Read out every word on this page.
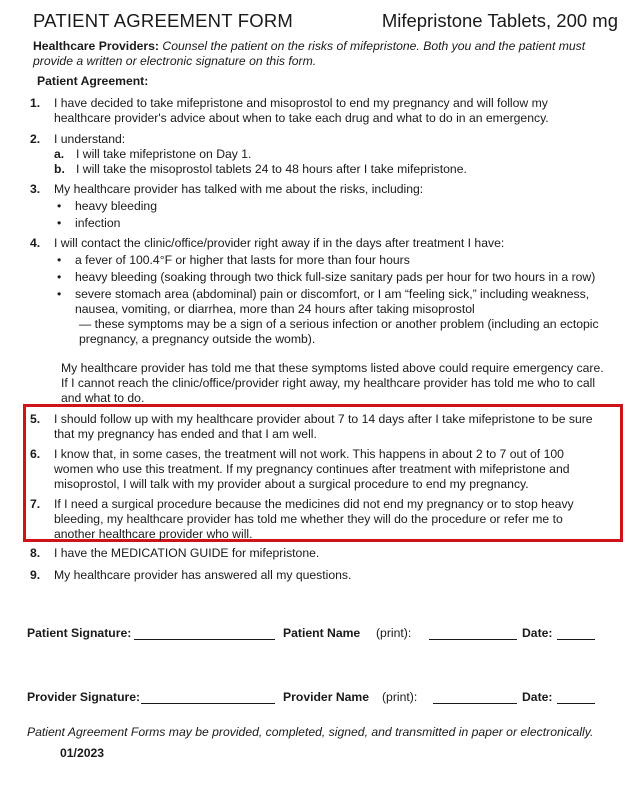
PATIENT AGREEMENT FORM	Mifepristone Tablets, 200 mg
Healthcare Providers: Counsel the patient on the risks of mifepristone. Both you and the patient must provide a written or electronic signature on this form.
Patient Agreement:
1.	I have decided to take mifepristone and misoprostol to end my pregnancy and will follow my healthcare provider's advice about when to take each drug and what to do in an emergency.
2.	I understand:
a. I will take mifepristone on Day 1.
b. I will take the misoprostol tablets 24 to 48 hours after I take mifepristone.
3.	My healthcare provider has talked with me about the risks, including:
• heavy bleeding
• infection
4.	I will contact the clinic/office/provider right away if in the days after treatment I have:
• a fever of 100.4°F or higher that lasts for more than four hours
• heavy bleeding (soaking through two thick full-size sanitary pads per hour for two hours in a row)
• severe stomach area (abdominal) pain or discomfort, or I am “feeling sick,” including weakness, nausea, vomiting, or diarrhea, more than 24 hours after taking misoprostol
— these symptoms may be a sign of a serious infection or another problem (including an ectopic pregnancy, a pregnancy outside the womb).
My healthcare provider has told me that these symptoms listed above could require emergency care. If I cannot reach the clinic/office/provider right away, my healthcare provider has told me who to call and what to do.
5.	I should follow up with my healthcare provider about 7 to 14 days after I take mifepristone to be sure that my pregnancy has ended and that I am well.
6.	I know that, in some cases, the treatment will not work. This happens in about 2 to 7 out of 100 women who use this treatment. If my pregnancy continues after treatment with mifepristone and misoprostol, I will talk with my provider about a surgical procedure to end my pregnancy.
7.	If I need a surgical procedure because the medicines did not end my pregnancy or to stop heavy bleeding, my healthcare provider has told me whether they will do the procedure or refer me to another healthcare provider who will.
8.	I have the MEDICATION GUIDE for mifepristone.
9.	My healthcare provider has answered all my questions.
Patient Signature:	Patient Name (print):	Date:
Provider Signature:	Provider Name (print):	Date:
Patient Agreement Forms may be provided, completed, signed, and transmitted in paper or electronically.
01/2023
